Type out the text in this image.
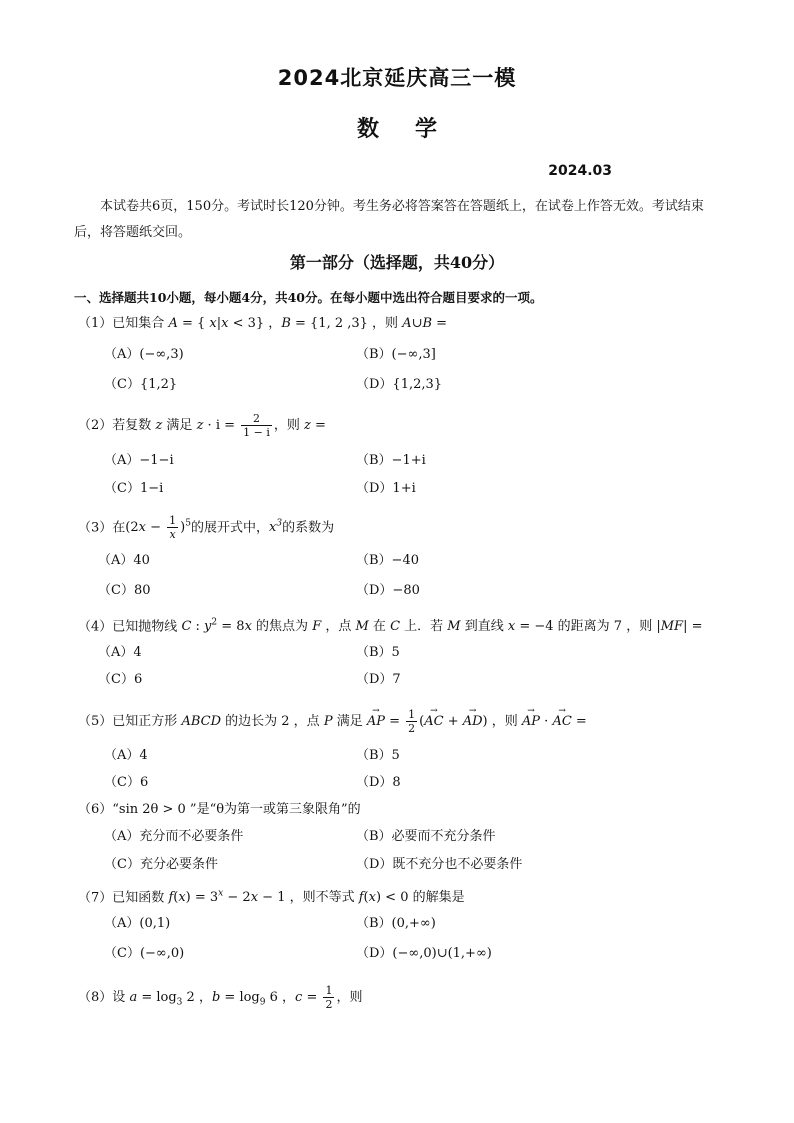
2024北京延庆高三一模
数学
2024.03
本试卷共6页，150分。考试时长120分钟。考生务必将答案答在答题纸上，在试卷上作答无效。考试结束后，将答题纸交回。
第一部分（选择题，共40分）
一、选择题共10小题，每小题4分，共40分。在每小题中选出符合题目要求的一项。
（1）已知集合 A = { x|x < 3} ，B = {1, 2 ,3} ，则 A∪B =
（A）(−∞,3)	（B）(−∞,3]
（C）{1,2}	（D）{1,2,3}
（2）若复数 z 满足 $z \cdot i = \frac{2}{1 - i}$ ，则 z =
（A）−1−i	（B）−1+i
（C）1−i	（D）1+i
（3）在$(2x - \frac{1}{x} )^5$的展开式中，$x^3$的系数为
（A）40	（B）−40
（C）80	（D）−80
（4）已知抛物线 C : $y^2 = 8x$ 的焦点为 F ，点 M 在 C 上．若 M 到直线 x = −4 的距离为 7 ，则 |MF| =
（A）4	（B）5
（C）6	（D）7
（5）已知正方形 ABCD 的边长为 2 ，点 P 满足 → AP = $\frac{1}{2}$ (→ AC + → AD) ，则 → AP · → AC =
（A）4	（B）5
（C）6	（D）8
（6）“sin 2θ > 0 ”是“θ为第一或第三象限角”的
（A）充分而不必要条件	（B）必要而不充分条件
（C）充分必要条件	（D）既不充分也不必要条件
（7）已知函数 $f(x) = 3^x - 2x - 1$ ，则不等式 f(x) < 0 的解集是
（A）(0,1)	（B）(0,+∞)
（C）(−∞,0)	（D）(−∞,0)∪(1,+∞)
（8）设 $a = \log_3 2$ ，$b = \log_9 6$ ，$c = \frac{1}{2}$ ，则
